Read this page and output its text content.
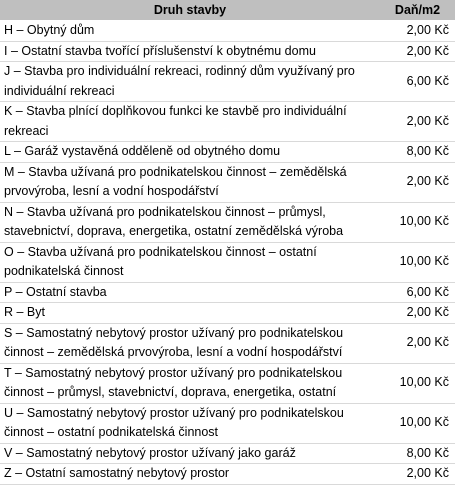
Druh stavby	Daň/m2
H – Obytný dům	2,00 Kč
I – Ostatní stavba tvořící příslušenství k obytnému domu	2,00 Kč
J – Stavba pro individuální rekreaci, rodinný dům využívaný pro individuální rekreaci	6,00 Kč
K – Stavba plnící doplňkovou funkci ke stavbě pro individuální rekreaci	2,00 Kč
L – Garáž vystavěná odděleně od obytného domu	8,00 Kč
M – Stavba užívaná pro podnikatelskou činnost – zemědělská prvovýroba, lesní a vodní hospodářství	2,00 Kč
N – Stavba užívaná pro podnikatelskou činnost – průmysl, stavebnictví, doprava, energetika, ostatní zemědělská výroba	10,00 Kč
O – Stavba užívaná pro podnikatelskou činnost – ostatní podnikatelská činnost	10,00 Kč
P – Ostatní stavba	6,00 Kč
R – Byt	2,00 Kč
S – Samostatný nebytový prostor užívaný pro podnikatelskou činnost – zemědělská prvovýroba, lesní a vodní hospodářství	2,00 Kč
T – Samostatný nebytový prostor užívaný pro podnikatelskou činnost – průmysl, stavebnictví, doprava, energetika, ostatní	10,00 Kč
U – Samostatný nebytový prostor užívaný pro podnikatelskou činnost – ostatní podnikatelská činnost	10,00 Kč
V – Samostatný nebytový prostor užívaný jako garáž	8,00 Kč
Z – Ostatní samostatný nebytový prostor	2,00 Kč
